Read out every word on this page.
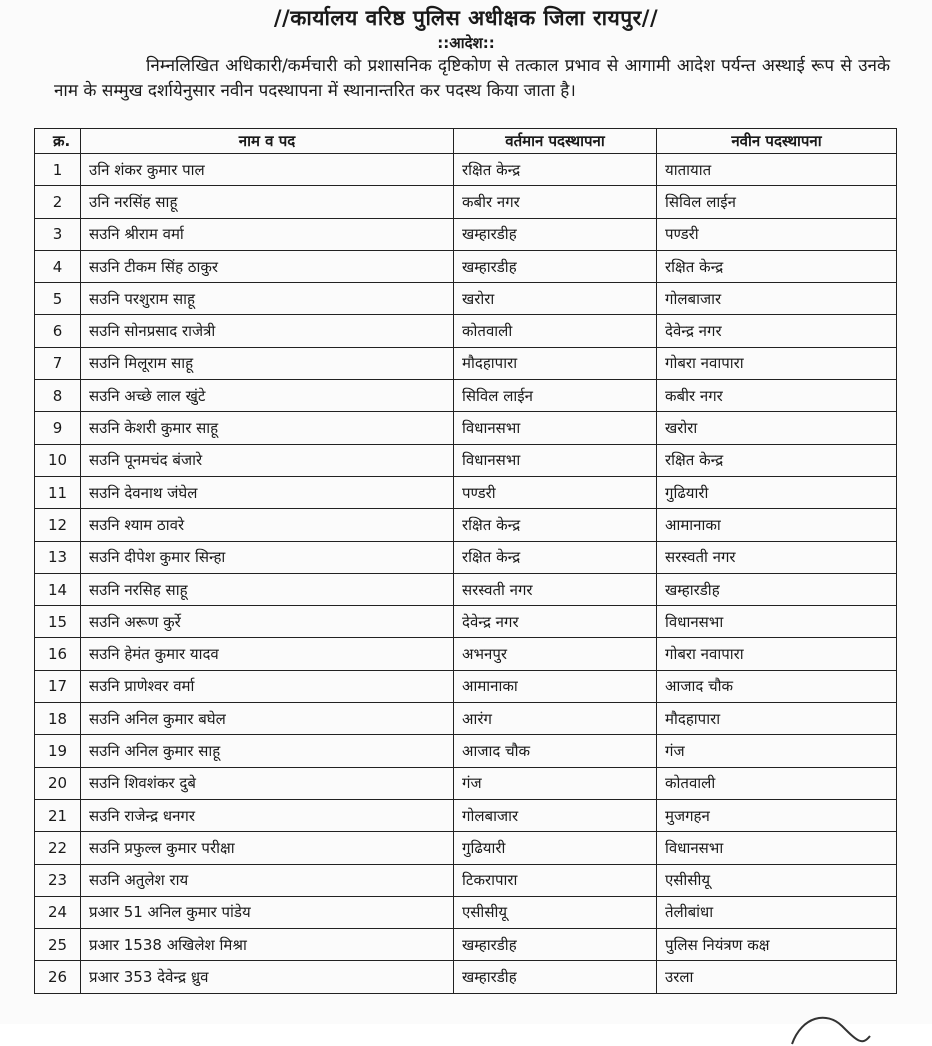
//कार्यालय वरिष्ठ पुलिस अधीक्षक जिला रायपुर//
::आदेश::
निम्नलिखित अधिकारी/कर्मचारी को प्रशासनिक दृष्टिकोण से तत्काल प्रभाव से आगामी आदेश पर्यन्त अस्थाई रूप से उनके नाम के सम्मुख दर्शायेनुसार नवीन पदस्थापना में स्थानान्तरित कर पदस्थ किया जाता है।
क्र.	नाम व पद	वर्तमान पदस्थापना	नवीन पदस्थापना
1	उनि शंकर कुमार पाल	रक्षित केन्द्र	यातायात
2	उनि नरसिंह साहू	कबीर नगर	सिविल लाईन
3	सउनि श्रीराम वर्मा	खम्हारडीह	पण्डरी
4	सउनि टीकम सिंह ठाकुर	खम्हारडीह	रक्षित केन्द्र
5	सउनि परशुराम साहू	खरोरा	गोलबाजार
6	सउनि सोनप्रसाद राजेत्री	कोतवाली	देवेन्द्र नगर
7	सउनि मिलूराम साहू	मौदहापारा	गोबरा नवापारा
8	सउनि अच्छे लाल खुंटे	सिविल लाईन	कबीर नगर
9	सउनि केशरी कुमार साहू	विधानसभा	खरोरा
10	सउनि पूनमचंद बंजारे	विधानसभा	रक्षित केन्द्र
11	सउनि देवनाथ जंघेल	पण्डरी	गुढियारी
12	सउनि श्याम ठावरे	रक्षित केन्द्र	आमानाका
13	सउनि दीपेश कुमार सिन्हा	रक्षित केन्द्र	सरस्वती नगर
14	सउनि नरसिह साहू	सरस्वती नगर	खम्हारडीह
15	सउनि अरूण कुर्रे	देवेन्द्र नगर	विधानसभा
16	सउनि हेमंत कुमार यादव	अभनपुर	गोबरा नवापारा
17	सउनि प्राणेश्वर वर्मा	आमानाका	आजाद चौक
18	सउनि अनिल कुमार बघेल	आरंग	मौदहापारा
19	सउनि अनिल कुमार साहू	आजाद चौक	गंज
20	सउनि शिवशंकर दुबे	गंज	कोतवाली
21	सउनि राजेन्द्र धनगर	गोलबाजार	मुजगहन
22	सउनि प्रफुल्ल कुमार परीक्षा	गुढियारी	विधानसभा
23	सउनि अतुलेश राय	टिकरापारा	एसीसीयू
24	प्रआर 51 अनिल कुमार पांडेय	एसीसीयू	तेलीबांधा
25	प्रआर 1538 अखिलेश मिश्रा	खम्हारडीह	पुलिस नियंत्रण कक्ष
26	प्रआर 353 देवेन्द्र ध्रुव	खम्हारडीह	उरला
